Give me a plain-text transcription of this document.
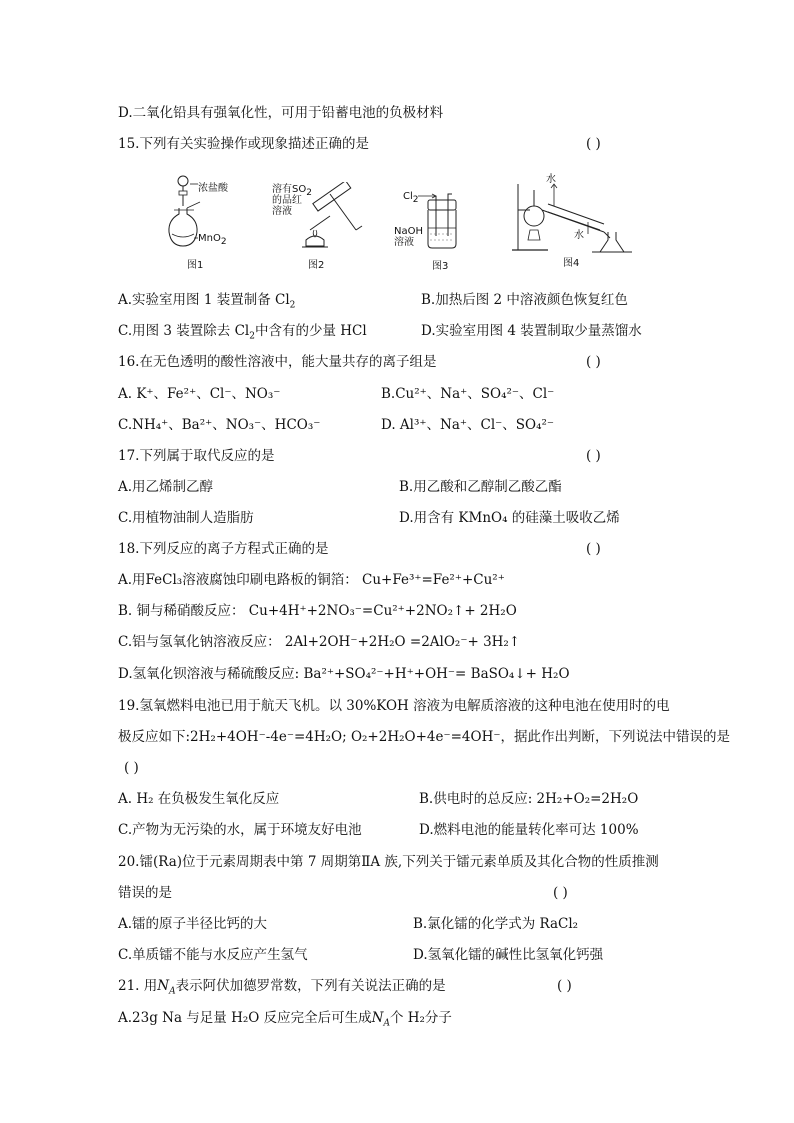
D.二氧化铅具有强氧化性，可用于铅蓄电池的负极材料
15.下列有关实验操作或现象描述正确的是	( )
浓盐酸
MnO$_2$
图1
溶有$SO_2$
的品红
溶液
图2
$Cl_2$
NaOH
溶液
图3
水
水
图4
A.实验室用图 1 装置制备 $Cl_2$	B.加热后图 2 中溶液颜色恢复红色
C.用图 3 装置除去 $Cl_2$中含有的少量 HCl	D.实验室用图 4 装置制取少量蒸馏水
16.在无色透明的酸性溶液中，能大量共存的离子组是	( )
A. K⁺、Fe²⁺、Cl⁻、NO₃⁻	B.Cu²⁺、Na⁺、SO₄²⁻、Cl⁻
C.NH₄⁺、Ba²⁺、NO₃⁻、HCO₃⁻	D. Al³⁺、Na⁺、Cl⁻、SO₄²⁻
17.下列属于取代反应的是	( )
A.用乙烯制乙醇	B.用乙酸和乙醇制乙酸乙酯
C.用植物油制人造脂肪	D.用含有 KMnO₄ 的硅藻土吸收乙烯
18.下列反应的离子方程式正确的是	( )
A.用FeCl₃溶液腐蚀印刷电路板的铜箔： Cu+Fe³⁺=Fe²⁺+Cu²⁺
B. 铜与稀硝酸反应： Cu+4H⁺+2NO₃⁻=Cu²⁺+2NO₂↑+ 2H₂O
C.铝与氢氧化钠溶液反应： 2Al+2OH⁻+2H₂O =2AlO₂⁻+ 3H₂↑
D.氢氧化钡溶液与稀硫酸反应: Ba²⁺+SO₄²⁻+H⁺+OH⁻= BaSO₄↓+ H₂O
19.氢氧燃料电池已用于航天飞机。以 30%KOH 溶液为电解质溶液的这种电池在使用时的电
极反应如下:2H₂+4OH⁻-4e⁻=4H₂O; O₂+2H₂O+4e⁻=4OH⁻，据此作出判断，下列说法中错误的是
( )
A. H₂ 在负极发生氧化反应	B.供电时的总反应: 2H₂+O₂=2H₂O
C.产物为无污染的水，属于环境友好电池	D.燃料电池的能量转化率可达 100%
20.镭(Ra)位于元素周期表中第 7 周期第ⅡA 族,下列关于镭元素单质及其化合物的性质推测
错误的是	( )
A.镭的原子半径比钙的大	B.氯化镭的化学式为 RaCl₂
C.单质镭不能与水反应产生氢气	D.氢氧化镭的碱性比氢氧化钙强
21. 用$N_A$表示阿伏加德罗常数，下列有关说法正确的是	( )
A.23g Na 与足量 H₂O 反应完全后可生成$N_A$个 H₂分子
